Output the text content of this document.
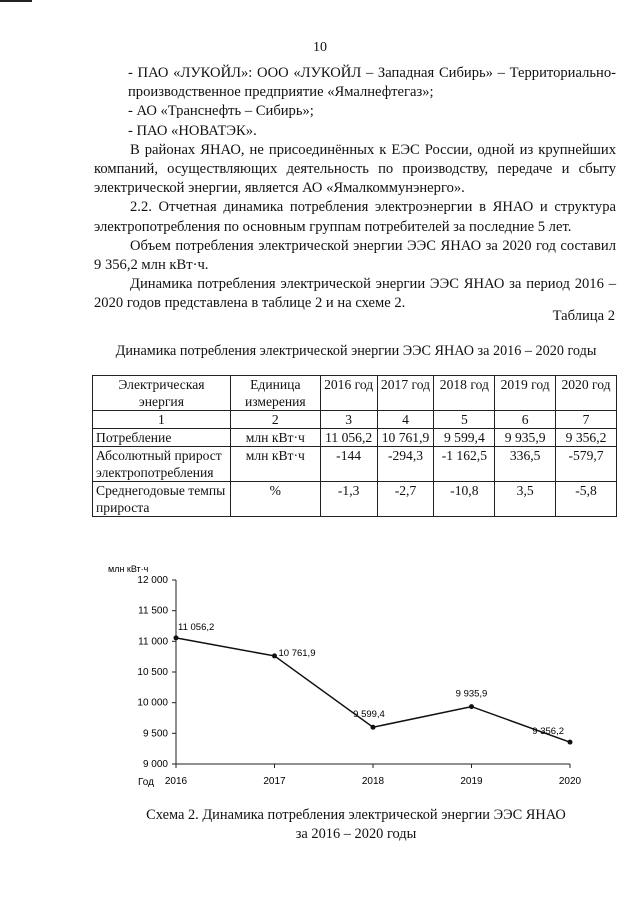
10

- ПАО «ЛУКОЙЛ»: ООО «ЛУКОЙЛ – Западная Сибирь» – Территориально-производственное предприятие «Ямалнефтегаз»;

- АО «Транснефть – Сибирь»;

- ПАО «НОВАТЭК».

В районах ЯНАО, не присоединённых к ЕЭС России, одной из крупнейших компаний, осуществляющих деятельность по производству, передаче и сбыту электрической энергии, является АО «Ямалкоммунэнерго».

2.2. Отчетная динамика потребления электроэнергии в ЯНАО и структура электропотребления по основным группам потребителей за последние 5 лет.

Объем потребления электрической энергии ЭЭС ЯНАО за 2020 год составил 9 356,2 млн кВт·ч.

Динамика потребления электрической энергии ЭЭС ЯНАО за период 2016 – 2020 годов представлена в таблице 2 и на схеме 2.

Таблица 2
Динамика потребления электрической энергии ЭЭС ЯНАО за 2016 – 2020 годы
Электрическая энергия	Единица измерения	2016 год	2017 год	2018 год	2019 год	2020 год
1	2	3	4	5	6	7
Потребление	млн кВт·ч	11 056,2	10 761,9	9 599,4	9 935,9	9 356,2
Абсолютный прирост электропотребления	млн кВт·ч	-144	-294,3	-1 162,5	336,5	-579,7
Среднегодовые темпы прироста	%	-1,3	-2,7	-10,8	3,5	-5,8
млн кВт·ч
9 000
9 500
10 000
10 500
11 000
11 500
12 000
2016	2017	2018	2019	2020
Год
11 056,2
10 761,9
9 599,4
9 935,9
9 356,2
Схема 2. Динамика потребления электрической энергии ЭЭС ЯНАО
за 2016 – 2020 годы
